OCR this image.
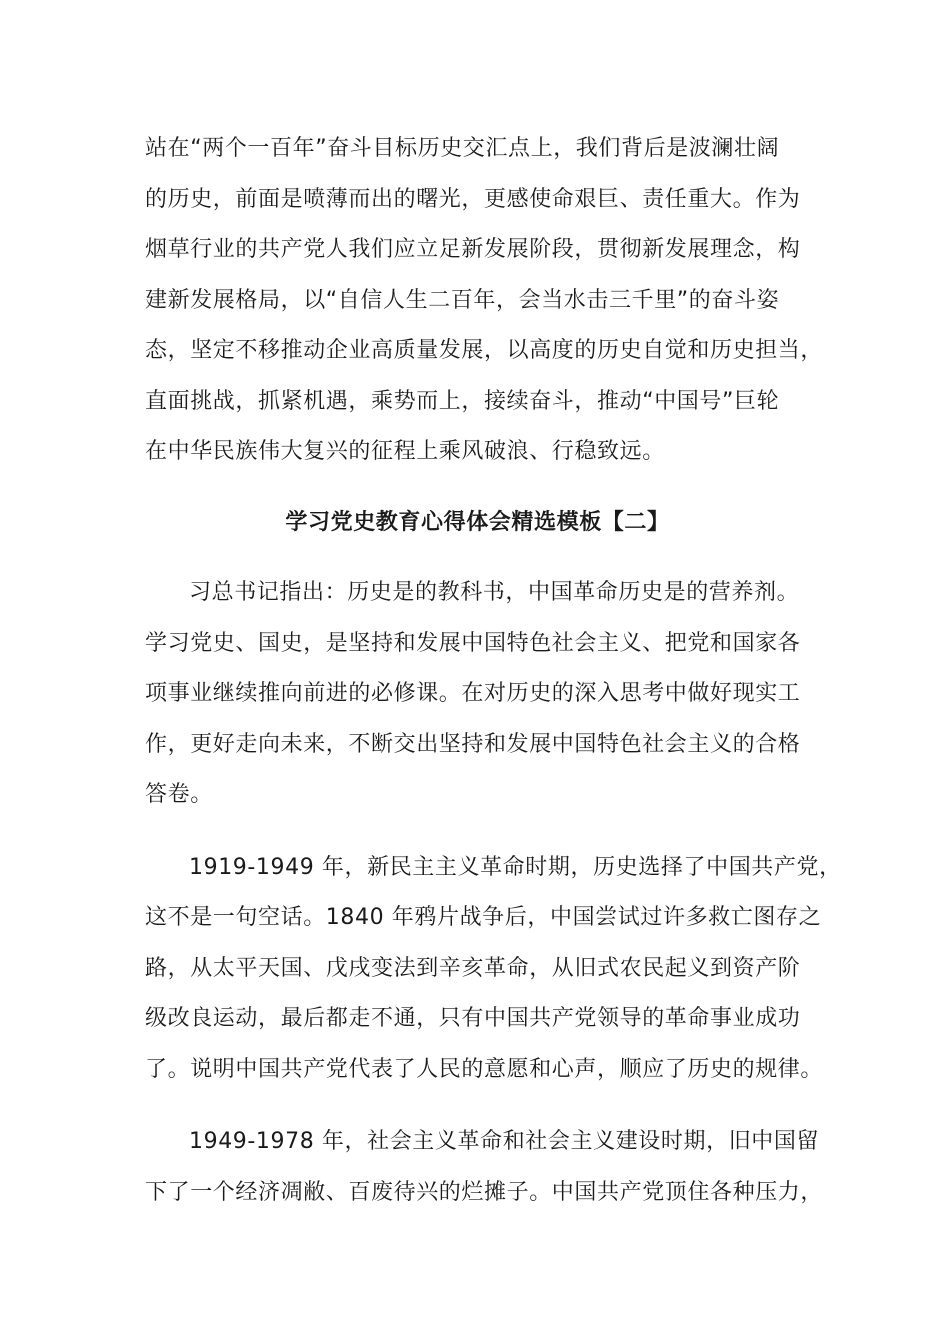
站在“两个一百年”奋斗目标历史交汇点上，我们背后是波澜壮阔
的历史，前面是喷薄而出的曙光，更感使命艰巨、责任重大。作为
烟草行业的共产党人我们应立足新发展阶段，贯彻新发展理念，构
建新发展格局，以“自信人生二百年，会当水击三千里”的奋斗姿
态，坚定不移推动企业高质量发展，以高度的历史自觉和历史担当，
直面挑战，抓紧机遇，乘势而上，接续奋斗，推动“中国号”巨轮
在中华民族伟大复兴的征程上乘风破浪、行稳致远。

学习党史教育心得体会精选模板【二】

习总书记指出：历史是的教科书，中国革命历史是的营养剂。
学习党史、国史，是坚持和发展中国特色社会主义、把党和国家各
项事业继续推向前进的必修课。在对历史的深入思考中做好现实工
作，更好走向未来，不断交出坚持和发展中国特色社会主义的合格
答卷。

1919-1949 年，新民主主义革命时期，历史选择了中国共产党，
这不是一句空话。1840 年鸦片战争后，中国尝试过许多救亡图存之
路，从太平天国、戊戌变法到辛亥革命，从旧式农民起义到资产阶
级改良运动，最后都走不通，只有中国共产党领导的革命事业成功
了。说明中国共产党代表了人民的意愿和心声，顺应了历史的规律。

1949-1978 年，社会主义革命和社会主义建设时期，旧中国留
下了一个经济凋敝、百废待兴的烂摊子。中国共产党顶住各种压力，
